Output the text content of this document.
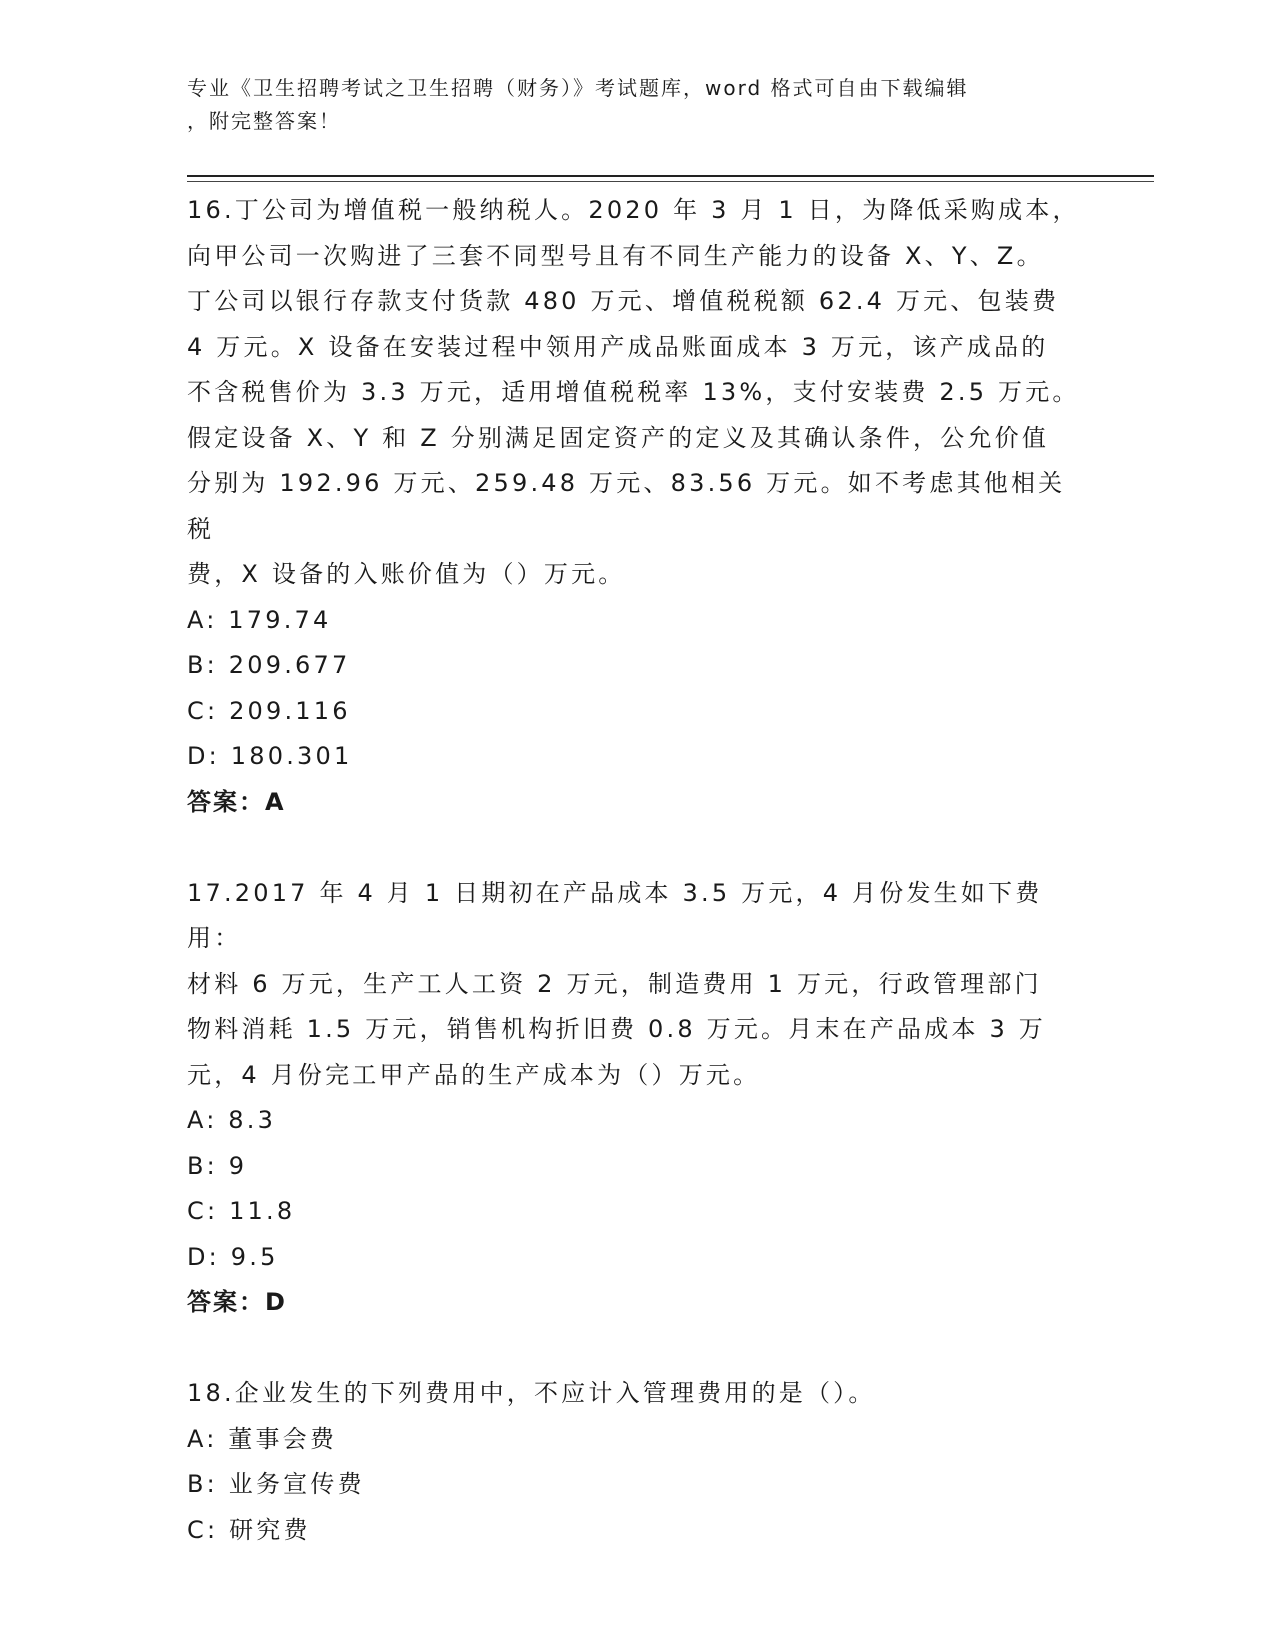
专业《卫生招聘考试之卫生招聘（财务）》考试题库，word 格式可自由下载编辑
，附完整答案！
16.丁公司为增值税一般纳税人。2020 年 3 月 1 日，为降低采购成本，
向甲公司一次购进了三套不同型号且有不同生产能力的设备 X、Y、Z。
丁公司以银行存款支付货款 480 万元、增值税税额 62.4 万元、包装费
4 万元。X 设备在安装过程中领用产成品账面成本 3 万元，该产成品的
不含税售价为 3.3 万元，适用增值税税率 13%，支付安装费 2.5 万元。
假定设备 X、Y 和 Z 分别满足固定资产的定义及其确认条件，公允价值
分别为 192.96 万元、259.48 万元、83.56 万元。如不考虑其他相关税
费，X 设备的入账价值为（）万元。
A: 179.74
B: 209.677
C: 209.116
D: 180.301
答案：A
17.2017 年 4 月 1 日期初在产品成本 3.5 万元，4 月份发生如下费用：
材料 6 万元，生产工人工资 2 万元，制造费用 1 万元，行政管理部门
物料消耗 1.5 万元，销售机构折旧费 0.8 万元。月末在产品成本 3 万
元，4 月份完工甲产品的生产成本为（）万元。
A: 8.3
B: 9
C: 11.8
D: 9.5
答案：D
18.企业发生的下列费用中，不应计入管理费用的是（）。
A: 董事会费
B: 业务宣传费
C: 研究费
